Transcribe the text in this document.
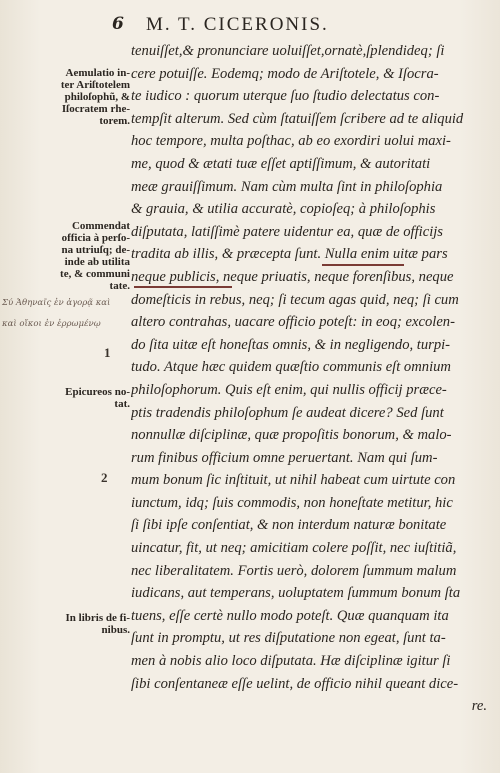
6 M. T. CICERONIS.
Aemulatio in-
ter Ariſtotelem
philoſophũ, &
Iſocratem rhe-
torem.
Commendat
officia à perſo-
na utriuſq; de-
inde ab utilita
te, & communi
tate.
Σύ Ἀθηναῖς ἐν ἀγορᾷ καὶ
καὶ οἴκοι ἐν ἐρρωμένῳ
1
Epicureos no-
tat.
2
In libris de fi-
nibus.
tenuiſſet,& pronunciare uoluiſſet,ornatè,ſplendideq; ſi
cere potuiſſe. Eodemq; modo de Ariſtotele, & Iſocra-
te iudico : quorum uterque ſuo ſtudio delectatus con-
tempſit alterum. Sed cùm ſtatuiſſem ſcribere ad te aliquid
hoc tempore, multa poſthac, ab eo exordiri uolui maxi-
me, quod & ætati tuæ eſſet aptiſſimum, & autoritati
meæ grauiſſimum. Nam cùm multa ſint in philoſophia
& grauia, & utilia accuratè, copioſeq; à philoſophis
diſputata, latiſſimè patere uidentur ea, quæ de officijs
tradita ab illis, & præcepta ſunt. Nulla enim uitæ pars
neque publicis, neque priuatis, neque forenſibus, neque
domeſticis in rebus, neq; ſi tecum agas quid, neq; ſi cum
altero contrahas, uacare officio poteſt: in eoq; excolen-
do ſita uitæ eſt honeſtas omnis, & in negligendo, turpi-
tudo. Atque hæc quidem quæſtio communis eſt omnium
philoſophorum. Quis eſt enim, qui nullis officij præce-
ptis tradendis philoſophum ſe audeat dicere? Sed ſunt
nonnullæ diſciplinæ, quæ propoſitis bonorum, & malo-
rum finibus officium omne peruertant. Nam qui ſum-
mum bonum ſic inſtituit, ut nihil habeat cum uirtute con
iunctum, idq; ſuis commodis, non honeſtate metitur, hic
ſi ſibi ipſe conſentiat, & non interdum naturæ bonitate
uincatur, fit, ut neq; amicitiam colere poſſit, nec iuſtitiã,
nec liberalitatem. Fortis uerò, dolorem ſummum malum
iudicans, aut temperans, uoluptatem ſummum bonum ſta
tuens, eſſe certè nullo modo poteſt. Quæ quanquam ita
ſunt in promptu, ut res diſputatione non egeat, ſunt ta-
men à nobis alio loco diſputata. Hæ diſciplinæ igitur ſi
ſibi conſentaneæ eſſe uelint, de officio nihil queant dice-
re.
